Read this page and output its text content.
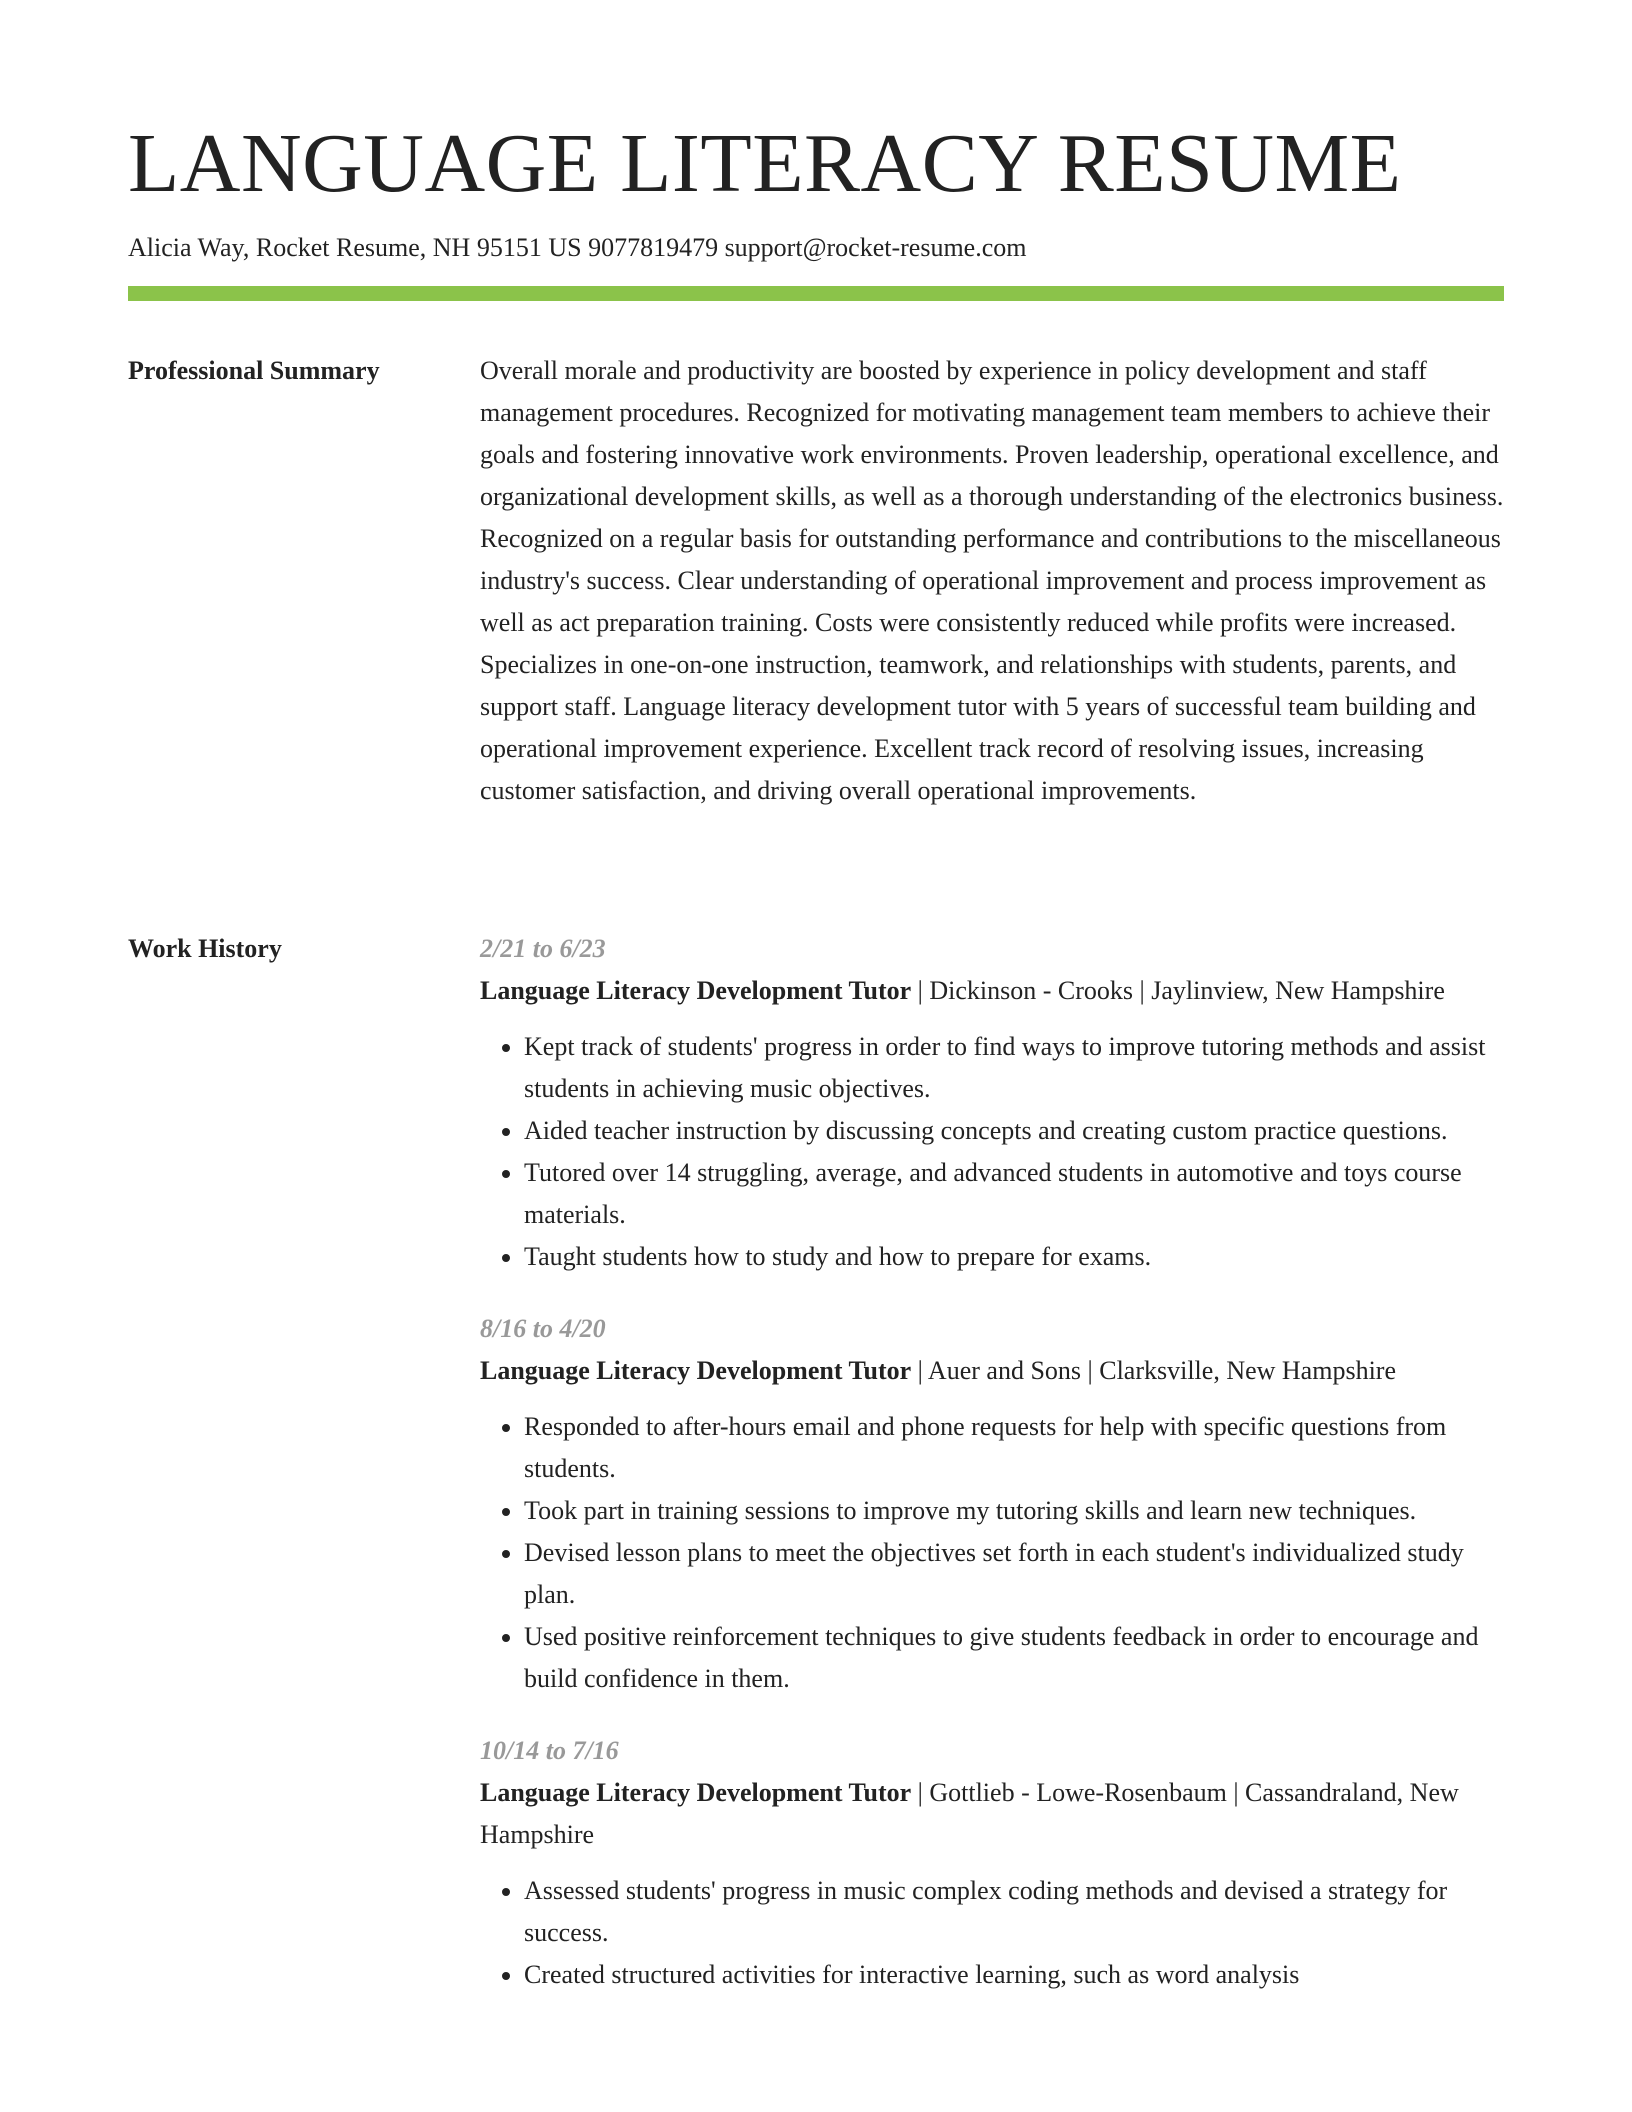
LANGUAGE LITERACY RESUME
Alicia Way, Rocket Resume, NH 95151 US 9077819479 support@rocket-resume.com
Professional Summary	Overall morale and productivity are boosted by experience in policy development and staff management procedures. Recognized for motivating management team members to achieve their goals and fostering innovative work environments. Proven leadership, operational excellence, and organizational development skills, as well as a thorough understanding of the electronics business. Recognized on a regular basis for outstanding performance and contributions to the miscellaneous industry's success. Clear understanding of operational improvement and process improvement as well as act preparation training. Costs were consistently reduced while profits were increased. Specializes in one-on-one instruction, teamwork, and relationships with students, parents, and support staff. Language literacy development tutor with 5 years of successful team building and operational improvement experience. Excellent track record of resolving issues, increasing customer satisfaction, and driving overall operational improvements.

Work History	2/21 to 6/23
Language Literacy Development Tutor | Dickinson - Crooks | Jaylinview, New Hampshire
• Kept track of students' progress in order to find ways to improve tutoring methods and assist students in achieving music objectives.
• Aided teacher instruction by discussing concepts and creating custom practice questions.
• Tutored over 14 struggling, average, and advanced students in automotive and toys course materials.
• Taught students how to study and how to prepare for exams.
8/16 to 4/20
Language Literacy Development Tutor | Auer and Sons | Clarksville, New Hampshire
• Responded to after-hours email and phone requests for help with specific questions from students.
• Took part in training sessions to improve my tutoring skills and learn new techniques.
• Devised lesson plans to meet the objectives set forth in each student's individualized study plan.
• Used positive reinforcement techniques to give students feedback in order to encourage and build confidence in them.
10/14 to 7/16
Language Literacy Development Tutor | Gottlieb - Lowe-Rosenbaum | Cassandraland, New Hampshire
• Assessed students' progress in music complex coding methods and devised a strategy for success.
• Created structured activities for interactive learning, such as word analysis
